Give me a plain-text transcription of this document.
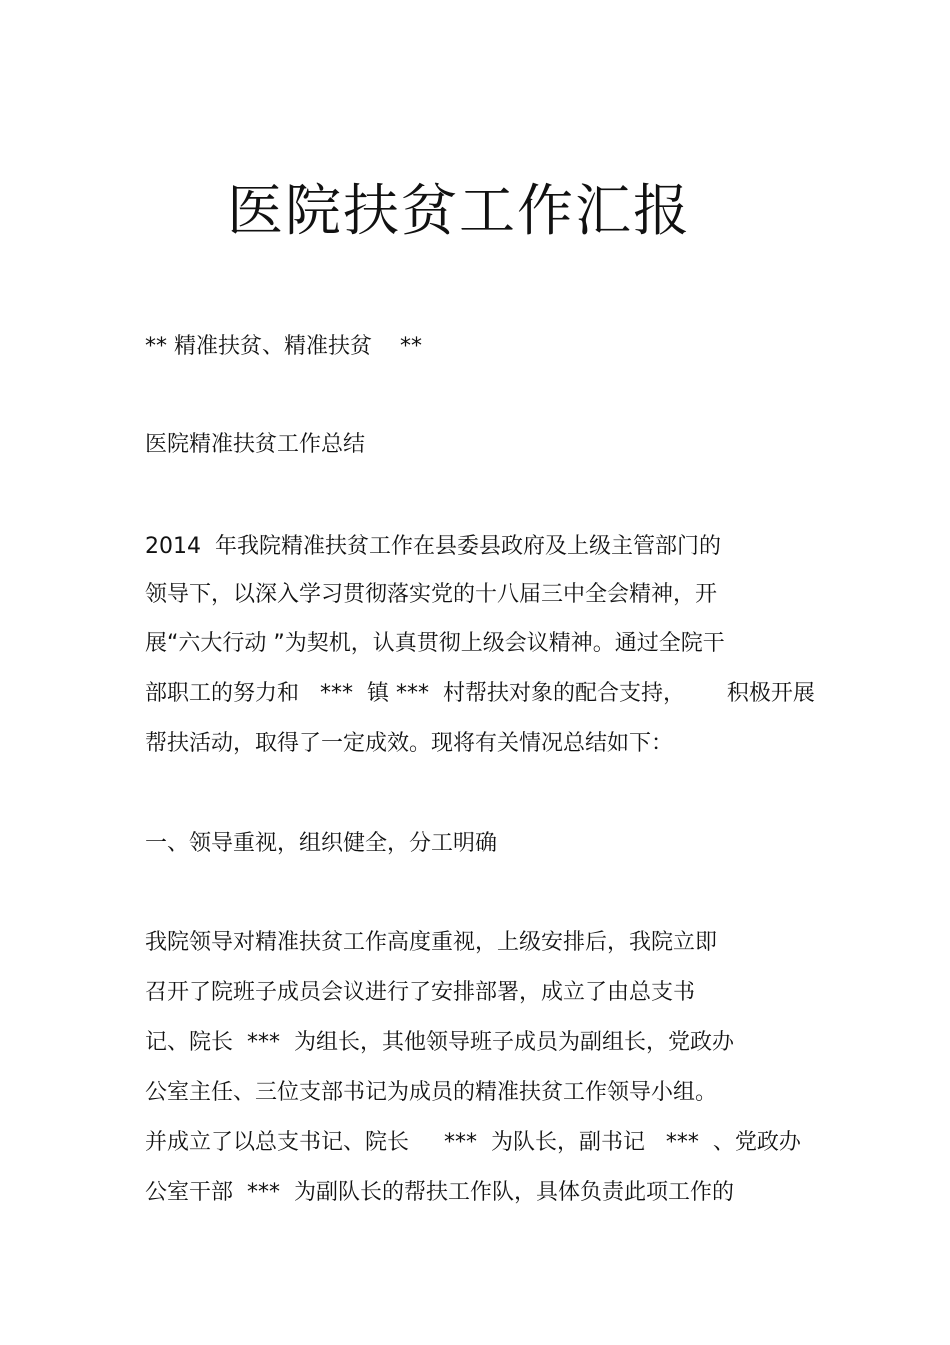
医院扶贫工作汇报
** 精准扶贫、精准扶贫    **
医院精准扶贫工作总结
2014  年我院精准扶贫工作在县委县政府及上级主管部门的
领导下，以深入学习贯彻落实党的十八届三中全会精神，开
展“六大行动 ”为契机，认真贯彻上级会议精神。通过全院干
部职工的努力和   ***  镇 ***  村帮扶对象的配合支持，      积极开展
帮扶活动，取得了一定成效。现将有关情况总结如下：
一、领导重视，组织健全，分工明确
我院领导对精准扶贫工作高度重视，上级安排后，我院立即
召开了院班子成员会议进行了安排部署，成立了由总支书
记、院长  ***  为组长，其他领导班子成员为副组长，党政办
公室主任、三位支部书记为成员的精准扶贫工作领导小组。
并成立了以总支书记、院长     ***  为队长，副书记   ***  、党政办
公室干部  ***  为副队长的帮扶工作队，具体负责此项工作的
